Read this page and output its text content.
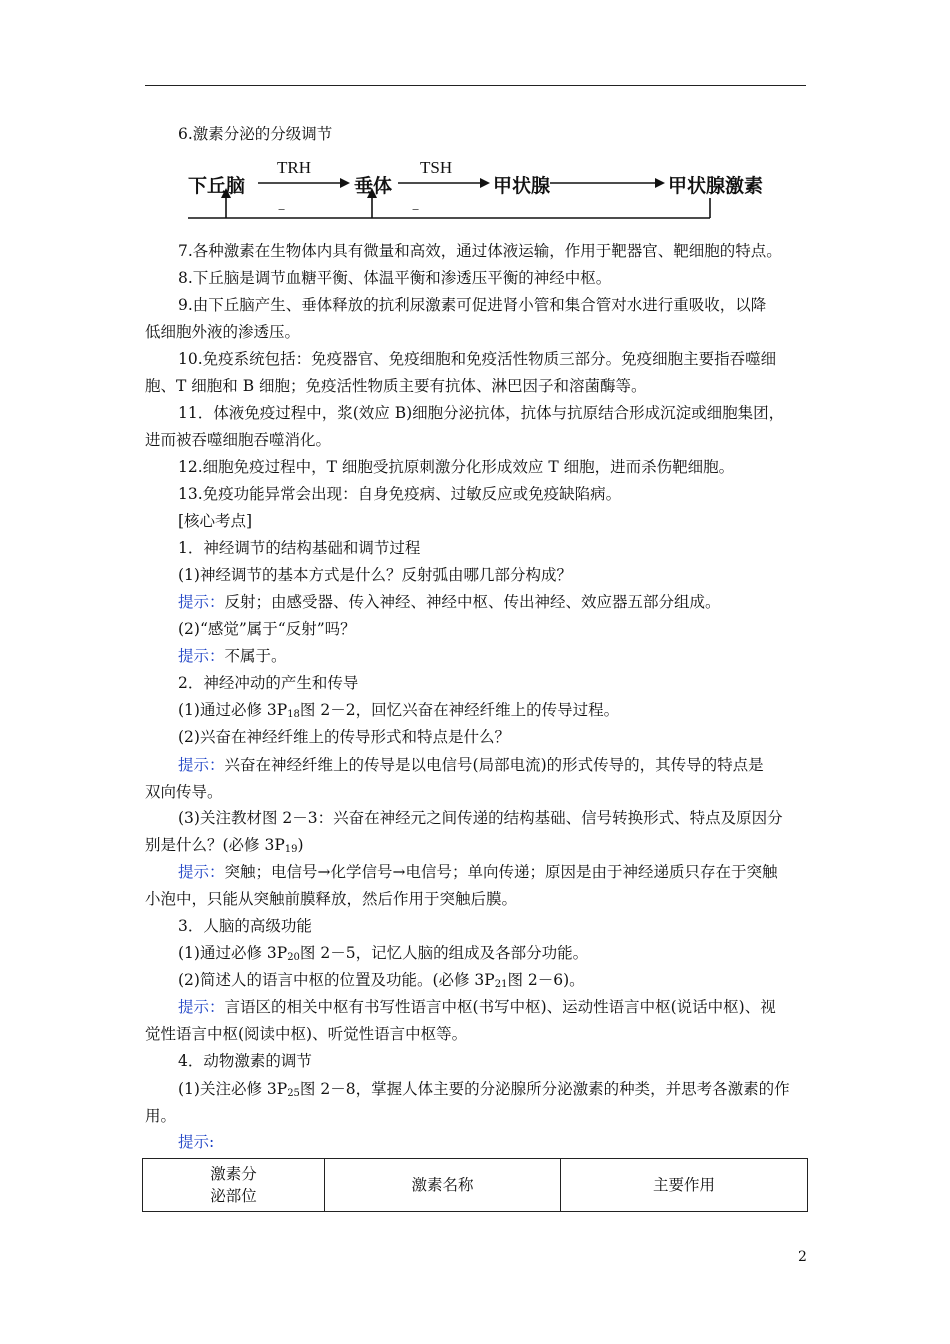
6.激素分泌的分级调节
下丘脑	垂体	甲状腺	甲状腺激素
TRH	TSH
−	−
7.各种激素在生物体内具有微量和高效，通过体液运输，作用于靶器官、靶细胞的特点。
8.下丘脑是调节血糖平衡、体温平衡和渗透压平衡的神经中枢。
9.由下丘脑产生、垂体释放的抗利尿激素可促进肾小管和集合管对水进行重吸收，以降
低细胞外液的渗透压。
10.免疫系统包括：免疫器官、免疫细胞和免疫活性物质三部分。免疫细胞主要指吞噬细
胞、T 细胞和 B 细胞；免疫活性物质主要有抗体、淋巴因子和溶菌酶等。
11．体液免疫过程中，浆(效应 B)细胞分泌抗体，抗体与抗原结合形成沉淀或细胞集团，
进而被吞噬细胞吞噬消化。
12.细胞免疫过程中，T 细胞受抗原刺激分化形成效应 T 细胞，进而杀伤靶细胞。
13.免疫功能异常会出现：自身免疫病、过敏反应或免疫缺陷病。
[核心考点]
1．神经调节的结构基础和调节过程
(1)神经调节的基本方式是什么？反射弧由哪几部分构成？
提示：反射；由感受器、传入神经、神经中枢、传出神经、效应器五部分组成。
(2)“感觉”属于“反射”吗？
提示：不属于。
2．神经冲动的产生和传导
(1)通过必修 $3P_{18}$图 2－2，回忆兴奋在神经纤维上的传导过程。
(2)兴奋在神经纤维上的传导形式和特点是什么？
提示：兴奋在神经纤维上的传导是以电信号(局部电流)的形式传导的，其传导的特点是
双向传导。
(3)关注教材图 2－3：兴奋在神经元之间传递的结构基础、信号转换形式、特点及原因分
别是什么？(必修 $3P_{19}$)
提示：突触；电信号→化学信号→电信号；单向传递；原因是由于神经递质只存在于突触
小泡中，只能从突触前膜释放，然后作用于突触后膜。
3．人脑的高级功能
(1)通过必修 $3P_{20}$图 2－5，记忆人脑的组成及各部分功能。
(2)简述人的语言中枢的位置及功能。(必修 $3P_{21}$图 2－6)。
提示：言语区的相关中枢有书写性语言中枢(书写中枢)、运动性语言中枢(说话中枢)、视
觉性语言中枢(阅读中枢)、听觉性语言中枢等。
4．动物激素的调节
(1)关注必修 $3P_{25}$图 2－8，掌握人体主要的分泌腺所分泌激素的种类，并思考各激素的作
用。
提示:
激素分
泌部位	激素名称	主要作用
2
